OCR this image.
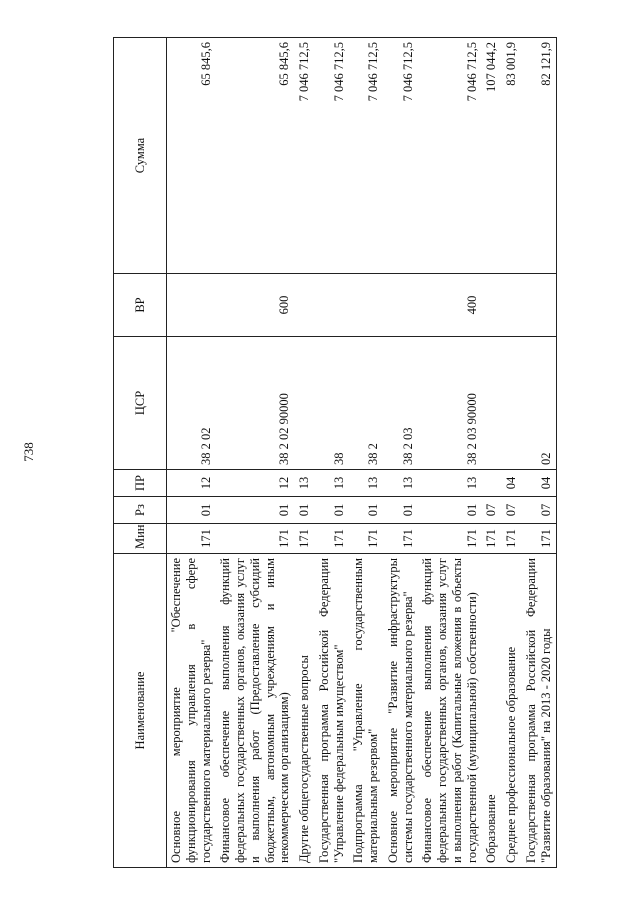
738
Наименование	Мин	Рз	ПР	ЦСР	ВР	Сумма
Основное мероприятие "Обеспечение функционирования управления в сфере государственного материального резерва"	171	01	12	38 2 02		65 845,6
Финансовое обеспечение выполнения функций федеральных государственных органов, оказания услуг и выполнения работ (Предоставление субсидий бюджетным, автономным учреждениям и иным некоммерческим организациям)	171	01	12	38 2 02 90000	600	65 845,6
Другие общегосударственные вопросы	171	01	13			7 046 712,5
Государственная программа Российской Федерации "Управление федеральным имуществом"	171	01	13	38		7 046 712,5
Подпрограмма "Управление государственным материальным резервом"	171	01	13	38 2		7 046 712,5
Основное мероприятие "Развитие инфраструктуры системы государственного материального резерва"	171	01	13	38 2 03		7 046 712,5
Финансовое обеспечение выполнения функций федеральных государственных органов, оказания услуг и выполнения работ (Капитальные вложения в объекты государственной (муниципальной) собственности)	171	01	13	38 2 03 90000	400	7 046 712,5
Образование	171	07				107 044,2
Среднее профессиональное образование	171	07	04			83 001,9
Государственная программа Российской Федерации "Развитие образования" на 2013 - 2020 годы	171	07	04	02		82 121,9
